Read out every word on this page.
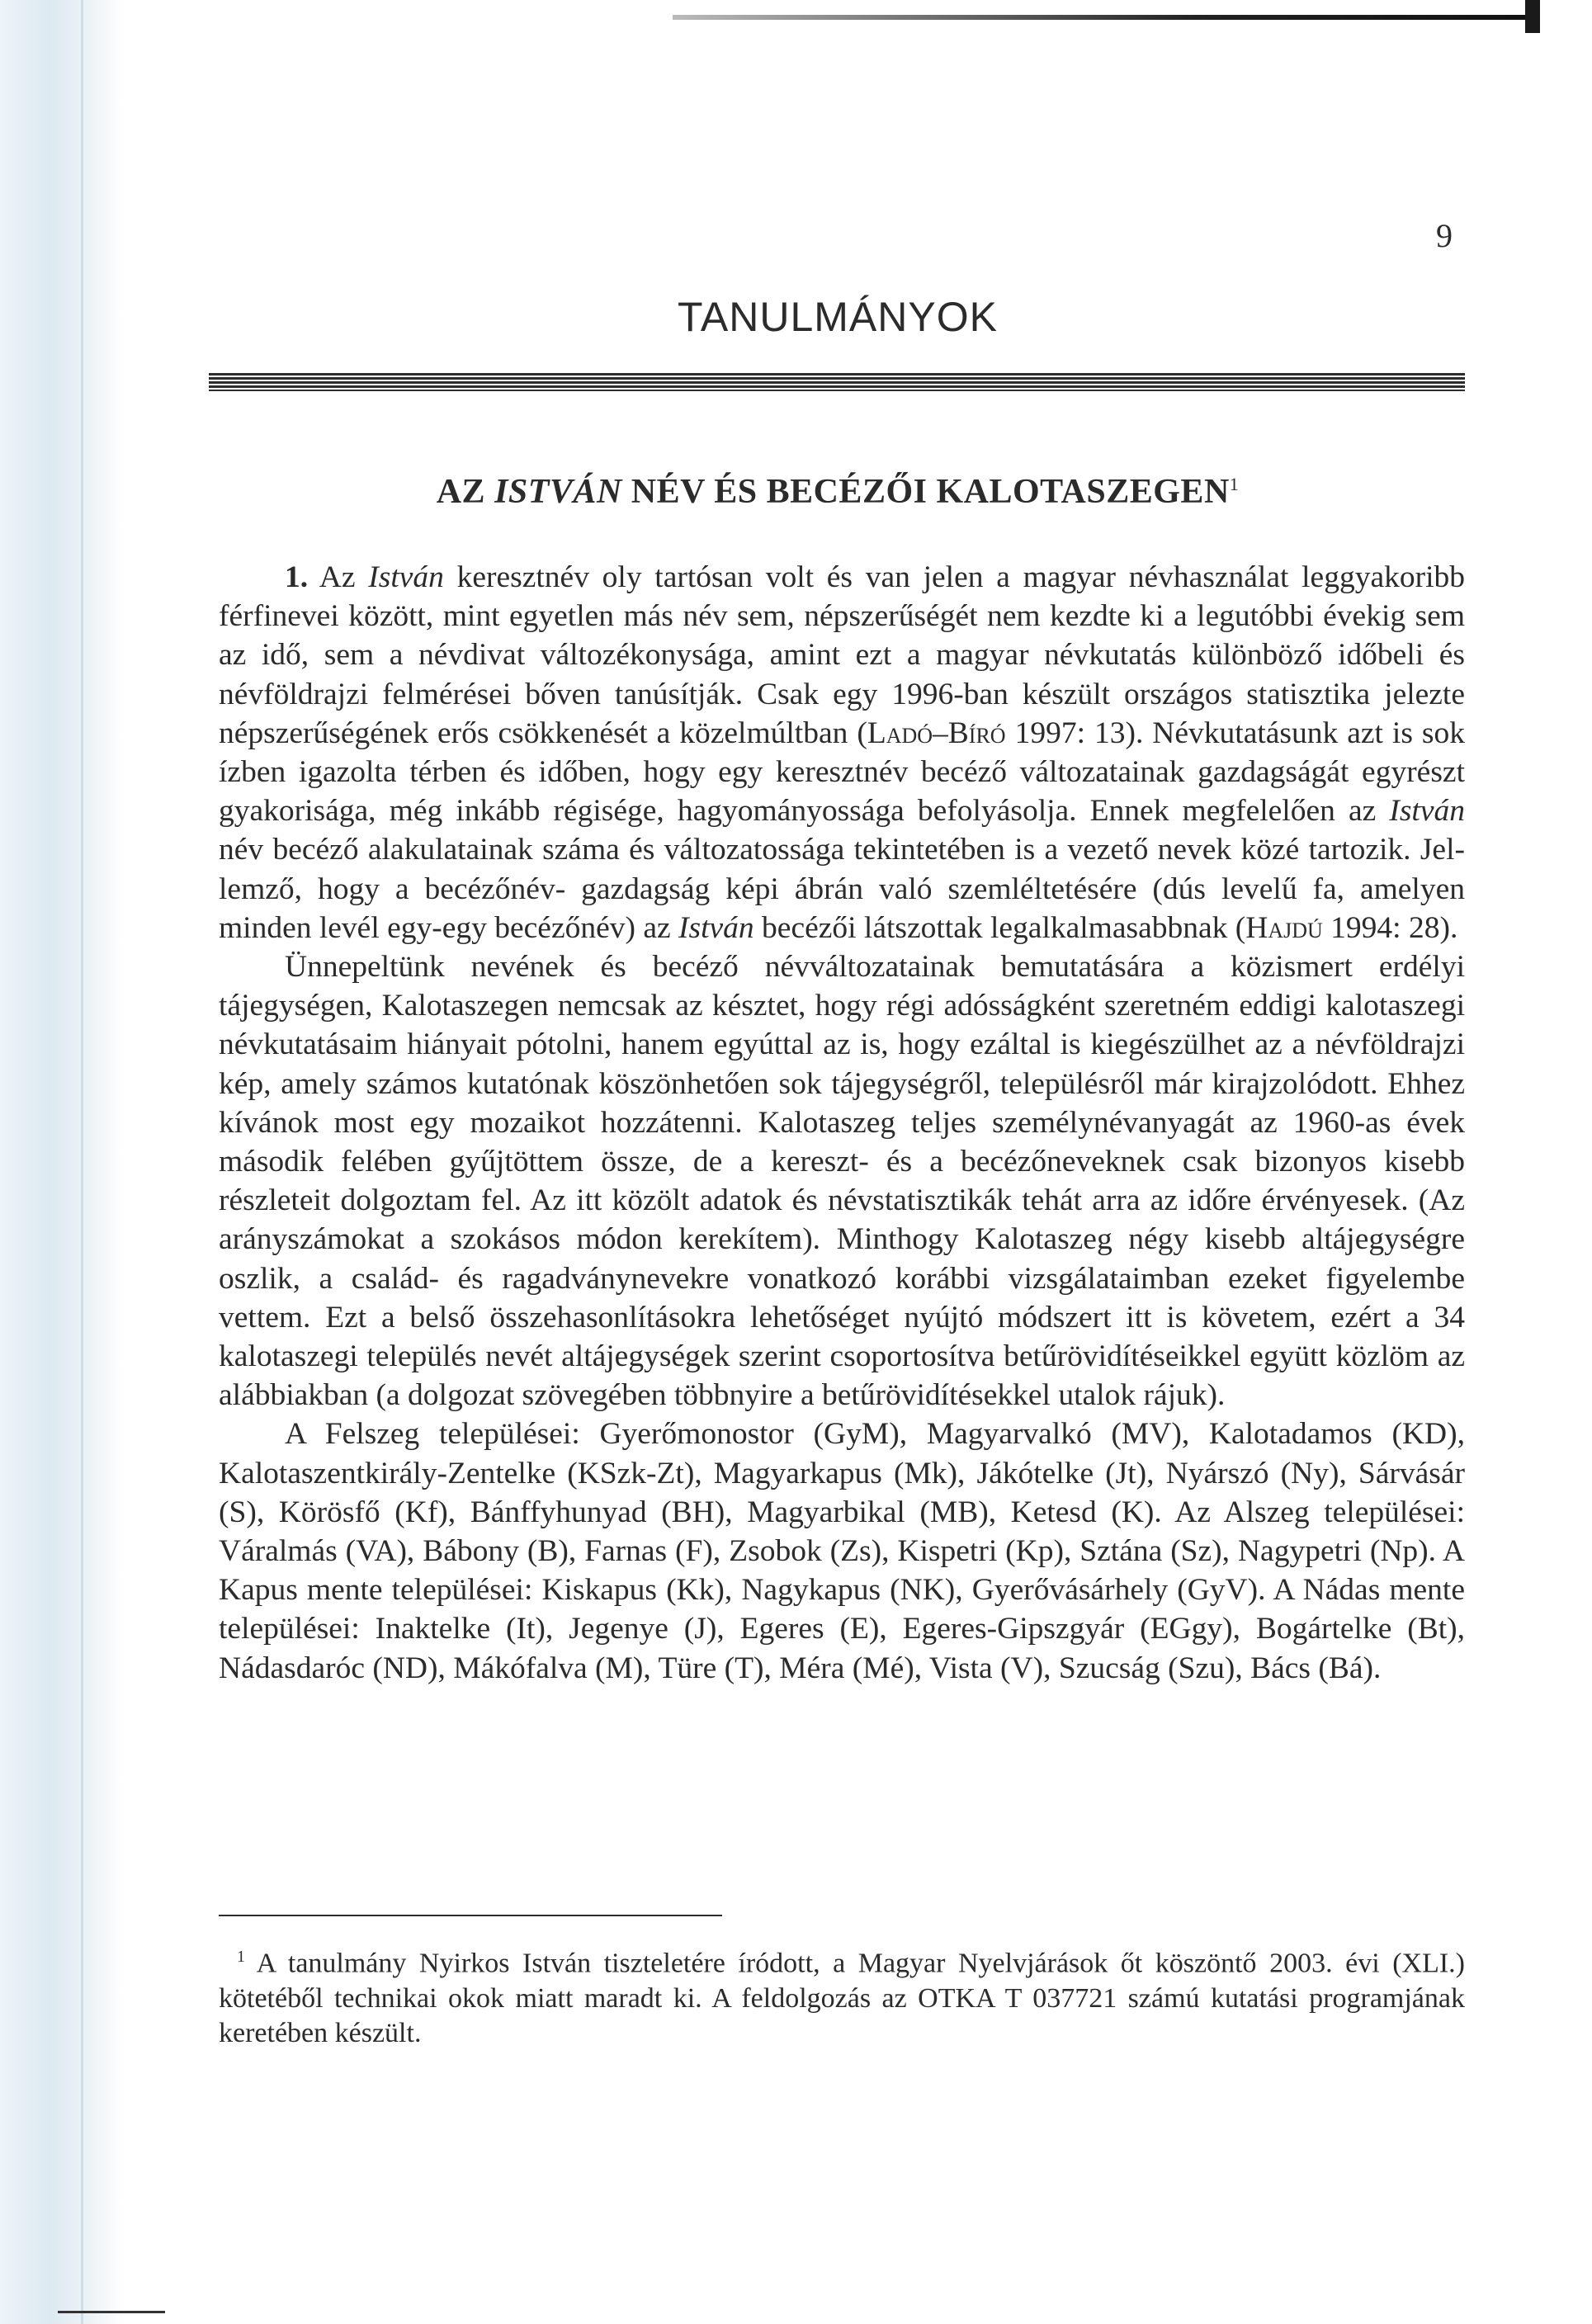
9
TANULMÁNYOK
AZ ISTVÁN NÉV ÉS BECÉZŐI KALOTASZEGEN$^1$

1. Az István keresztnév oly tartósan volt és van jelen a magyar névhasználat leggyakoribb férfinevei között, mint egyetlen más név sem, népszerűségét nem kezdte ki a legutóbbi évekig sem az idő, sem a névdivat változékonysága, amint ezt a magyar névkutatás különböző időbeli és névföldrajzi felmérései bőven tanúsítják. Csak egy 1996-ban készült országos statisztika jelezte népszerűségének erős csökkenését a közelmúltban (Ladó–Bíró 1997: 13). Névkutatásunk azt is sok ízben igazolta térben és időben, hogy egy keresztnév becéző változatainak gazdagságát egyrészt gyakorisága, még inkább régisége, hagyományossága befolyásolja. Ennek megfelelően az István név becéző alakulatainak száma és változatossága tekintetében is a vezető nevek közé tartozik. Jellemző, hogy a becézőnév- gazdagság képi ábrán való szemléltetésére (dús levelű fa, amelyen minden levél egy-egy becézőnév) az István becézői látszottak legalkalmasabbnak (Hajdú 1994: 28).

Ünnepeltünk nevének és becéző névváltozatainak bemutatására a közismert erdélyi tájegységen, Kalotaszegen nemcsak az késztet, hogy régi adósságként szeretném eddigi kalotaszegi névkutatásaim hiányait pótolni, hanem egyúttal az is, hogy ezáltal is kiegészülhet az a névföldrajzi kép, amely számos kutatónak köszönhetően sok tájegységről, településről már kirajzolódott. Ehhez kívánok most egy mozaikot hozzátenni. Kalotaszeg teljes személynévanyagát az 1960-as évek második felében gyűjtöttem össze, de a kereszt- és a becézőneveknek csak bizonyos kisebb részleteit dolgoztam fel. Az itt közölt adatok és névstatisztikák tehát arra az időre érvényesek. (Az arányszámokat a szokásos módon kerekítem). Minthogy Kalotaszeg négy kisebb altájegységre oszlik, a család- és ragadványnevekre vonatkozó korábbi vizsgálataimban ezeket figyelembe vettem. Ezt a belső összehasonlításokra lehetőséget nyújtó módszert itt is követem, ezért a 34 kalotaszegi település nevét altájegységek szerint csoportosítva betűrövidítéseikkel együtt közlöm az alábbiakban (a dolgozat szövegében többnyire a betűrövidítésekkel utalok rájuk).

A Felszeg települései: Gyerőmonostor (GyM), Magyarvalkó (MV), Kalotadamos (KD), Kalotaszentkirály-Zentelke (KSzk-Zt), Magyarkapus (Mk), Jákótelke (Jt), Nyárszó (Ny), Sárvásár (S), Körösfő (Kf), Bánffyhunyad (BH), Magyarbikal (MB), Ketesd (K). Az Alszeg települései: Váralmás (VA), Bábony (B), Farnas (F), Zsobok (Zs), Kispetri (Kp), Sztána (Sz), Nagypetri (Np). A Kapus mente települései: Kiskapus (Kk), Nagykapus (NK), Gyerővásárhely (GyV). A Nádas mente települései: Inaktelke (It), Jegenye (J), Egeres (E), Egeres-Gipszgyár (EGgy), Bogártelke (Bt), Nádasdaróc (ND), Mákófalva (M), Türe (T), Méra (Mé), Vista (V), Szucság (Szu), Bács (Bá).

$^1$ A tanulmány Nyirkos István tiszteletére íródott, a Magyar Nyelvjárások őt köszöntő 2003. évi (XLI.) kötetéből technikai okok miatt maradt ki. A feldolgozás az OTKA T 037721 számú kutatási programjának keretében készült.
